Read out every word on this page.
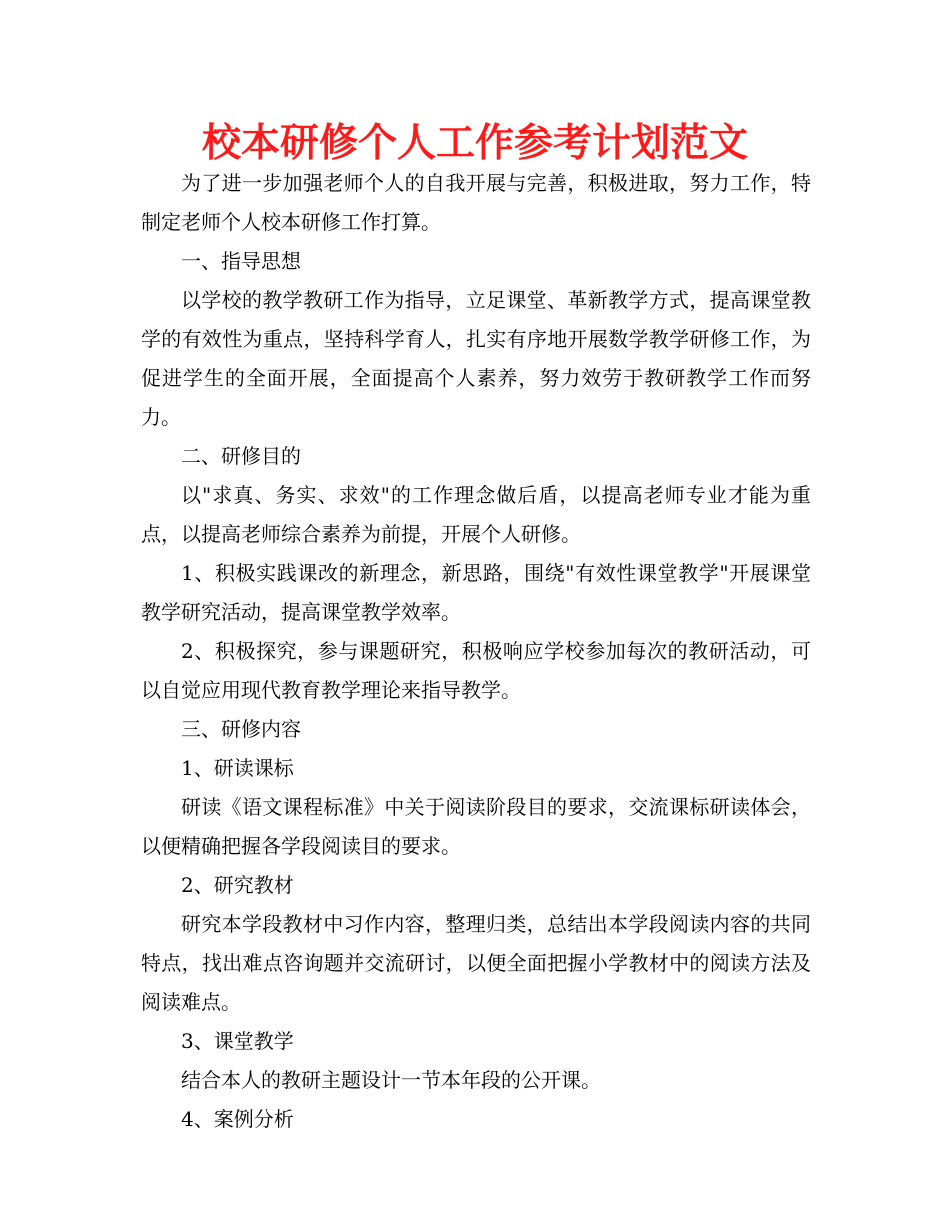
校本研修个人工作参考计划范文

为了进一步加强老师个人的自我开展与完善，积极进取，努力工作，特制定老师个人校本研修工作打算。

一、指导思想

以学校的教学教研工作为指导，立足课堂、革新教学方式，提高课堂教学的有效性为重点，坚持科学育人，扎实有序地开展数学教学研修工作，为促进学生的全面开展，全面提高个人素养，努力效劳于教研教学工作而努力。

二、研修目的

以"求真、务实、求效"的工作理念做后盾，以提高老师专业才能为重点，以提高老师综合素养为前提，开展个人研修。

1、积极实践课改的新理念，新思路，围绕"有效性课堂教学"开展课堂教学研究活动，提高课堂教学效率。

2、积极探究，参与课题研究，积极响应学校参加每次的教研活动，可以自觉应用现代教育教学理论来指导教学。

三、研修内容

1、研读课标

研读《语文课程标准》中关于阅读阶段目的要求，交流课标研读体会，以便精确把握各学段阅读目的要求。

2、研究教材

研究本学段教材中习作内容，整理归类，总结出本学段阅读内容的共同特点，找出难点咨询题并交流研讨，以便全面把握小学教材中的阅读方法及阅读难点。

3、课堂教学

结合本人的教研主题设计一节本年段的公开课。

4、案例分析
